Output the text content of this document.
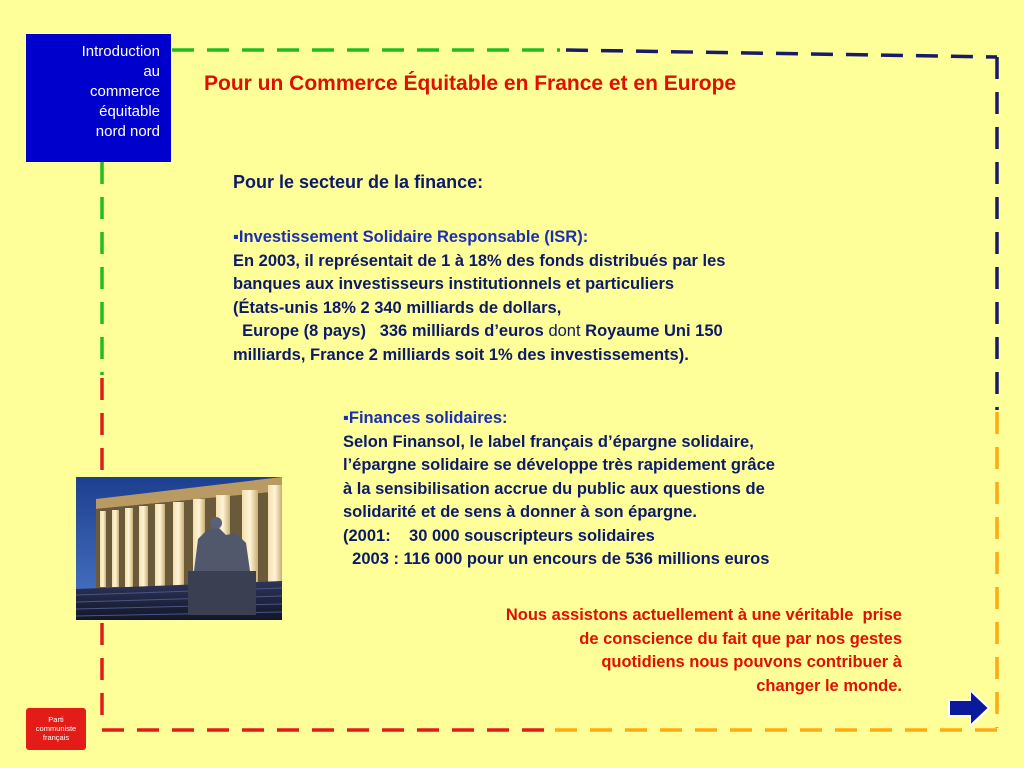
Introduction
au
commerce
équitable
nord nord
Pour un Commerce Équitable en France et en Europe
Pour le secteur de la finance:
▪Investissement Solidaire Responsable (ISR):
En 2003, il représentait de 1 à 18% des fonds distribués par les
banques aux investisseurs institutionnels et particuliers
(États-unis 18% 2 340 milliards de dollars,
Europe (8 pays)   336 milliards d’euros dont Royaume Uni 150
milliards, France 2 milliards soit 1% des investissements).
▪Finances solidaires:
Selon Finansol, le label français d’épargne solidaire,
l’épargne solidaire se développe très rapidement grâce
à la sensibilisation accrue du public aux questions de
solidarité et de sens à donner à son épargne.
(2001:    30 000 souscripteurs solidaires
2003 : 116 000 pour un encours de 536 millions euros
Nous assistons actuellement à une véritable  prise
de conscience du fait que par nos gestes
quotidiens nous pouvons contribuer à
changer le monde.
Parti
communiste
français
